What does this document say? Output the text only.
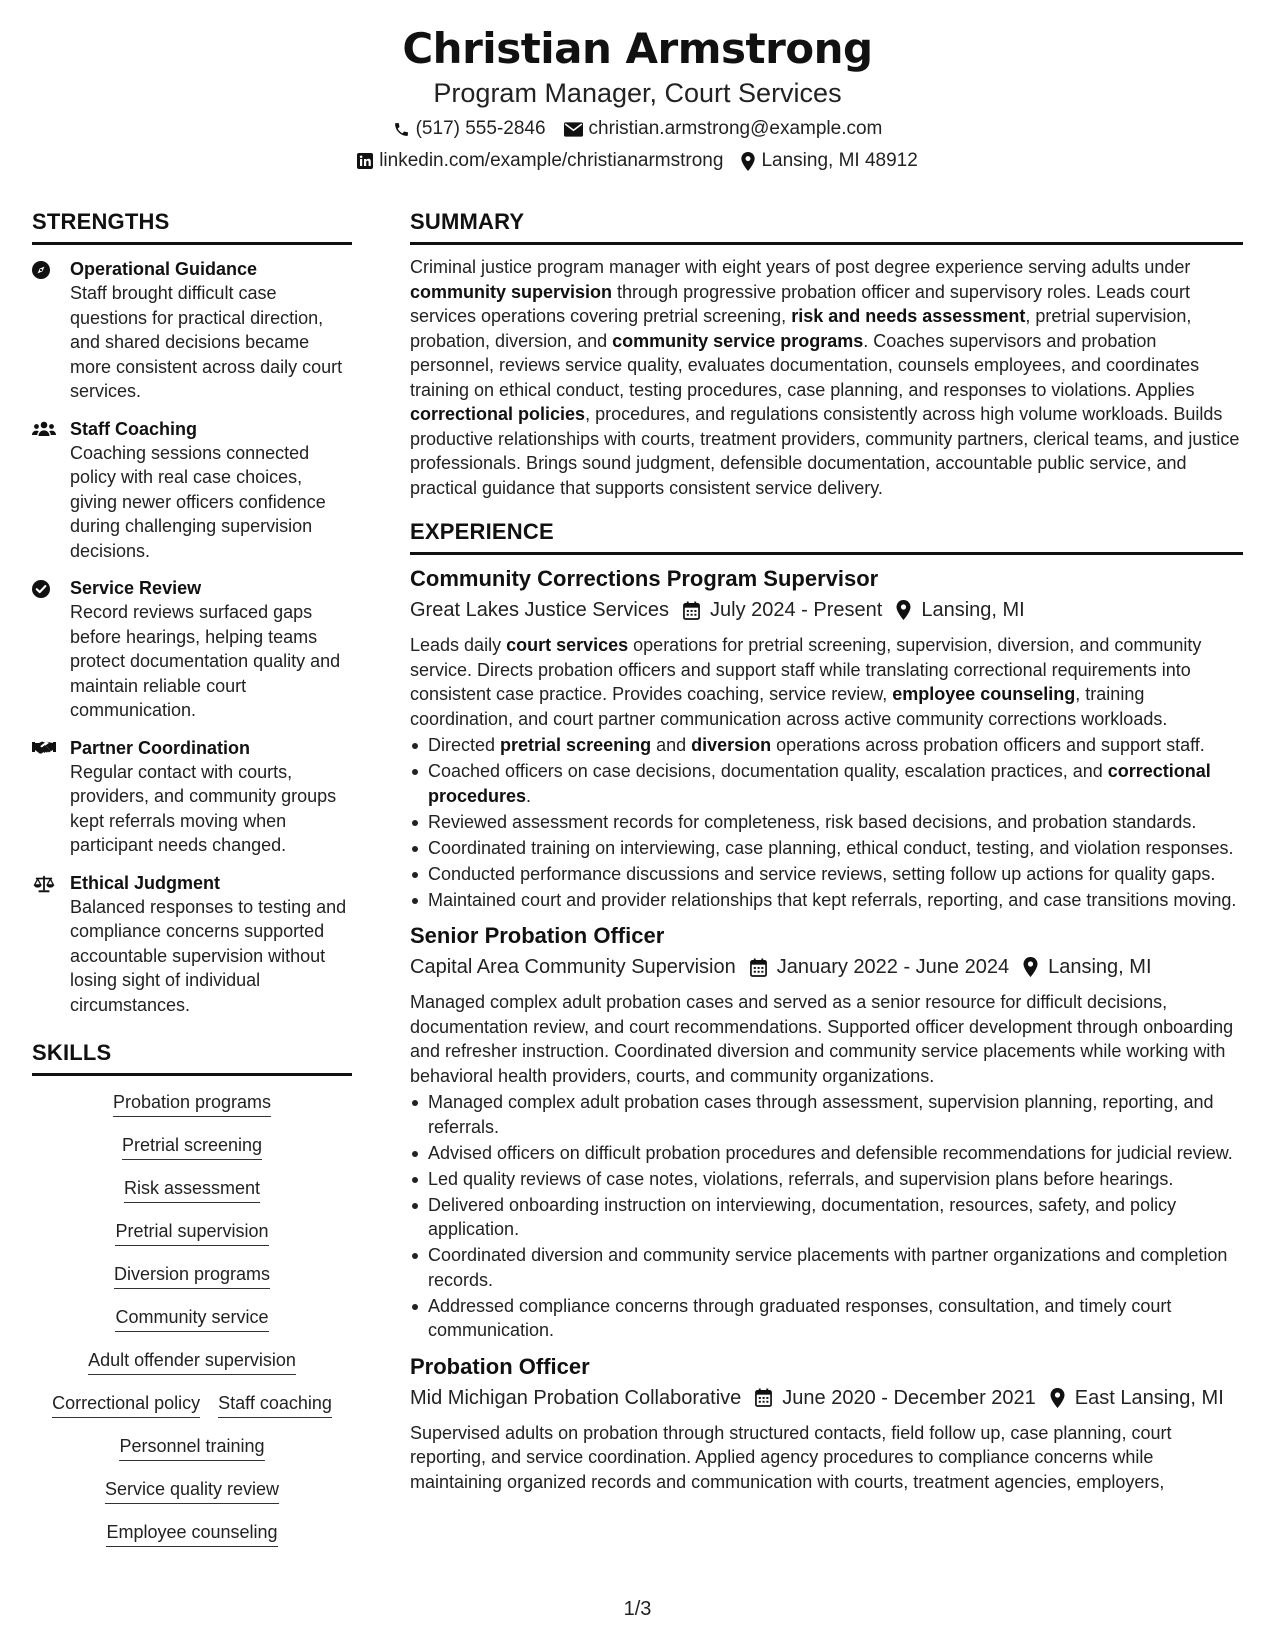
Christian Armstrong
Program Manager, Court Services
(517) 555-2846 christian.armstrong@example.com
linkedin.com/example/christianarmstrong Lansing, MI 48912
STRENGTHS
Operational Guidance
Staff brought difficult case questions for practical direction, and shared decisions became more consistent across daily court services.
Staff Coaching
Coaching sessions connected policy with real case choices, giving newer officers confidence during challenging supervision decisions.
Service Review
Record reviews surfaced gaps before hearings, helping teams protect documentation quality and maintain reliable court communication.
Partner Coordination
Regular contact with courts, providers, and community groups kept referrals moving when participant needs changed.
Ethical Judgment
Balanced responses to testing and compliance concerns supported accountable supervision without losing sight of individual circumstances.
SKILLS
Probation programs
Pretrial screening
Risk assessment
Pretrial supervision
Diversion programs
Community service
Adult offender supervision
Correctional policy Staff coaching
Personnel training
Service quality review
Employee counseling
SUMMARY
Criminal justice program manager with eight years of post degree experience serving adults under community supervision through progressive probation officer and supervisory roles. Leads court services operations covering pretrial screening, risk and needs assessment, pretrial supervision, probation, diversion, and community service programs. Coaches supervisors and probation personnel, reviews service quality, evaluates documentation, counsels employees, and coordinates training on ethical conduct, testing procedures, case planning, and responses to violations. Applies correctional policies, procedures, and regulations consistently across high volume workloads. Builds productive relationships with courts, treatment providers, community partners, clerical teams, and justice professionals. Brings sound judgment, defensible documentation, accountable public service, and practical guidance that supports consistent service delivery.
EXPERIENCE
Community Corrections Program Supervisor
Great Lakes Justice Services July 2024 - Present Lansing, MI
Leads daily court services operations for pretrial screening, supervision, diversion, and community service. Directs probation officers and support staff while translating correctional requirements into consistent case practice. Provides coaching, service review, employee counseling, training coordination, and court partner communication across active community corrections workloads.
Directed pretrial screening and diversion operations across probation officers and support staff.
Coached officers on case decisions, documentation quality, escalation practices, and correctional procedures.
Reviewed assessment records for completeness, risk based decisions, and probation standards.
Coordinated training on interviewing, case planning, ethical conduct, testing, and violation responses.
Conducted performance discussions and service reviews, setting follow up actions for quality gaps.
Maintained court and provider relationships that kept referrals, reporting, and case transitions moving.
Senior Probation Officer
Capital Area Community Supervision January 2022 - June 2024 Lansing, MI
Managed complex adult probation cases and served as a senior resource for difficult decisions, documentation review, and court recommendations. Supported officer development through onboarding and refresher instruction. Coordinated diversion and community service placements while working with behavioral health providers, courts, and community organizations.
Managed complex adult probation cases through assessment, supervision planning, reporting, and referrals.
Advised officers on difficult probation procedures and defensible recommendations for judicial review.
Led quality reviews of case notes, violations, referrals, and supervision plans before hearings.
Delivered onboarding instruction on interviewing, documentation, resources, safety, and policy application.
Coordinated diversion and community service placements with partner organizations and completion records.
Addressed compliance concerns through graduated responses, consultation, and timely court communication.
Probation Officer
Mid Michigan Probation Collaborative June 2020 - December 2021 East Lansing, MI
Supervised adults on probation through structured contacts, field follow up, case planning, court reporting, and service coordination. Applied agency procedures to compliance concerns while maintaining organized records and communication with courts, treatment agencies, employers,
1/3
